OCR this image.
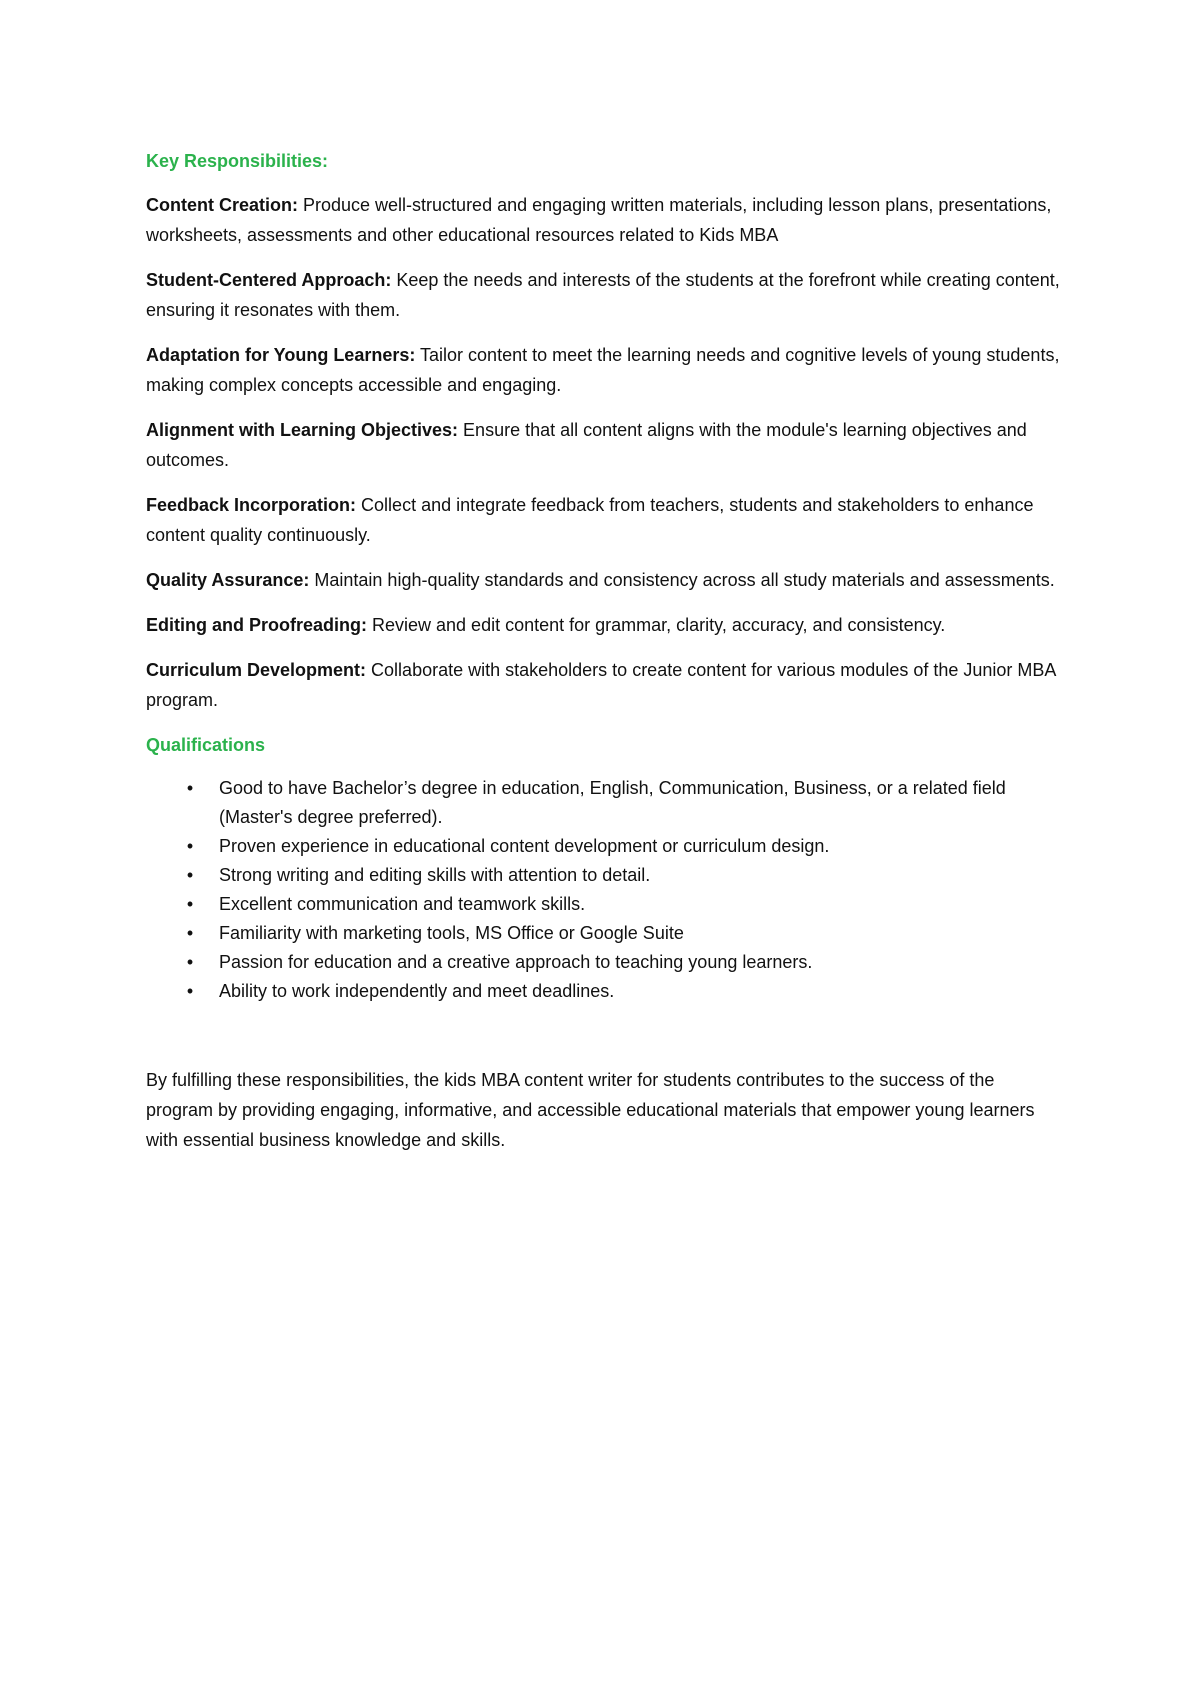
Key Responsibilities:

Content Creation: Produce well-structured and engaging written materials, including lesson plans, presentations, worksheets, assessments and other educational resources related to Kids MBA

Student-Centered Approach: Keep the needs and interests of the students at the forefront while creating content, ensuring it resonates with them.

Adaptation for Young Learners: Tailor content to meet the learning needs and cognitive levels of young students, making complex concepts accessible and engaging.

Alignment with Learning Objectives: Ensure that all content aligns with the module's learning objectives and outcomes.

Feedback Incorporation: Collect and integrate feedback from teachers, students and stakeholders to enhance content quality continuously.

Quality Assurance: Maintain high-quality standards and consistency across all study materials and assessments.

Editing and Proofreading: Review and edit content for grammar, clarity, accuracy, and consistency.

Curriculum Development: Collaborate with stakeholders to create content for various modules of the Junior MBA program.

Qualifications
• Good to have Bachelor’s degree in education, English, Communication, Business, or a related field (Master's degree preferred).
• Proven experience in educational content development or curriculum design.
• Strong writing and editing skills with attention to detail.
• Excellent communication and teamwork skills.
• Familiarity with marketing tools, MS Office or Google Suite
• Passion for education and a creative approach to teaching young learners.
• Ability to work independently and meet deadlines.

By fulfilling these responsibilities, the kids MBA content writer for students contributes to the success of the program by providing engaging, informative, and accessible educational materials that empower young learners with essential business knowledge and skills.
